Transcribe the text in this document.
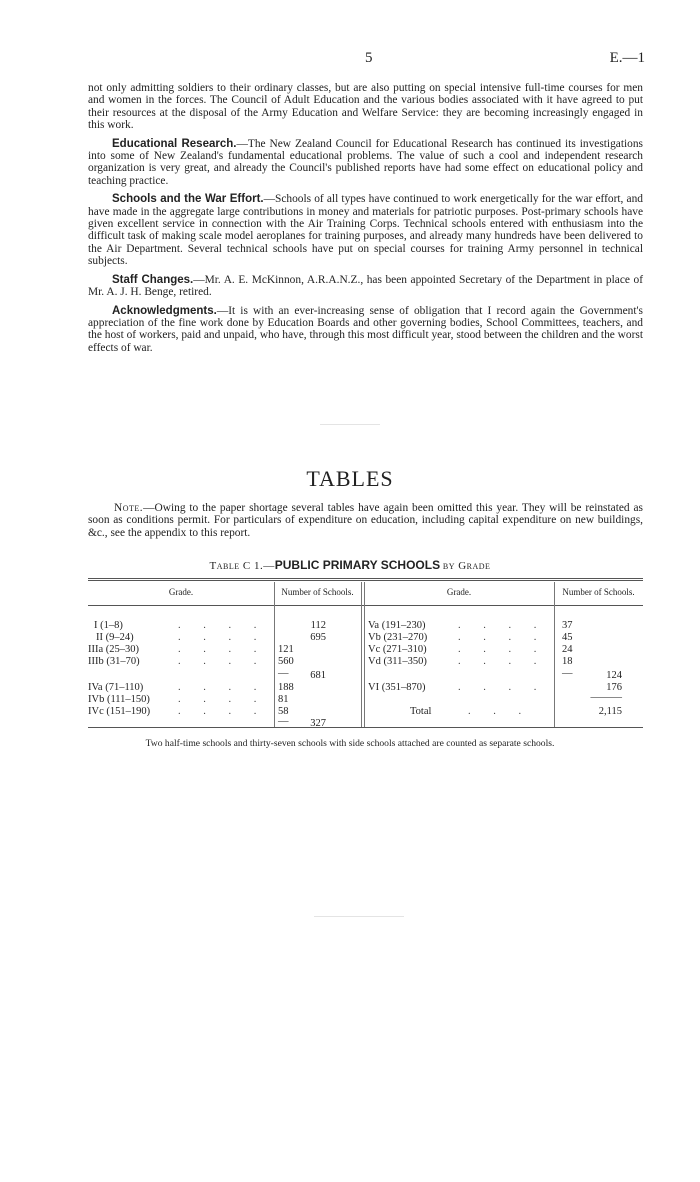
5	E.—1

not only admitting soldiers to their ordinary classes, but are also putting on special intensive full-time courses for men and women in the forces. The Council of Adult Education and the various bodies associated with it have agreed to put their resources at the disposal of the Army Education and Welfare Service: they are becoming increasingly engaged in this work.

Educational Research.—The New Zealand Council for Educational Research has continued its investigations into some of New Zealand's fundamental educational problems. The value of such a cool and independent research organization is very great, and already the Council's published reports have had some effect on educational policy and teaching practice.

Schools and the War Effort.—Schools of all types have continued to work energetically for the war effort, and have made in the aggregate large contributions in money and materials for patriotic purposes. Post-primary schools have given excellent service in connection with the Air Training Corps. Technical schools entered with enthusiasm into the difficult task of making scale model aeroplanes for training purposes, and already many hundreds have been delivered to the Air Department. Several technical schools have put on special courses for training Army personnel in technical subjects.

Staff Changes.—Mr. A. E. McKinnon, A.R.A.N.Z., has been appointed Secretary of the Department in place of Mr. A. J. H. Benge, retired.

Acknowledgments.—It is with an ever-increasing sense of obligation that I record again the Government's appreciation of the fine work done by Education Boards and other governing bodies, School Committees, teachers, and the host of workers, paid and unpaid, who have, through this most difficult year, stood between the children and the worst effects of war.

TABLES
Note.—Owing to the paper shortage several tables have again been omitted this year. They will be reinstated as soon as conditions permit. For particulars of expenditure on education, including capital expenditure on new buildings, &c., see the appendix to this report.
Table C 1.—PUBLIC PRIMARY SCHOOLS by Grade
Grade.	Number of Schools.	Grade.	Number of Schools.
I (1–8)	. . . .	112
II (9–24)	. . . .	695
IIIa (25–30)	. . . . 121
IIIb (31–70)	. . . . 560
—	681
IVa (71–110)	. . . . 188
IVb (111–150)	. . . . 81
IVc (151–190)	. . . . 58
—	327
Va (191–230)	. . . . 37
Vb (231–270)	. . . . 45
Vc (271–310)	. . . . 24
Vd (311–350)	. . . . 18
—	124
VI (351–870)	. . . .	176
———
Total	. . .	2,115
Two half-time schools and thirty-seven schools with side schools attached are counted as separate schools.
